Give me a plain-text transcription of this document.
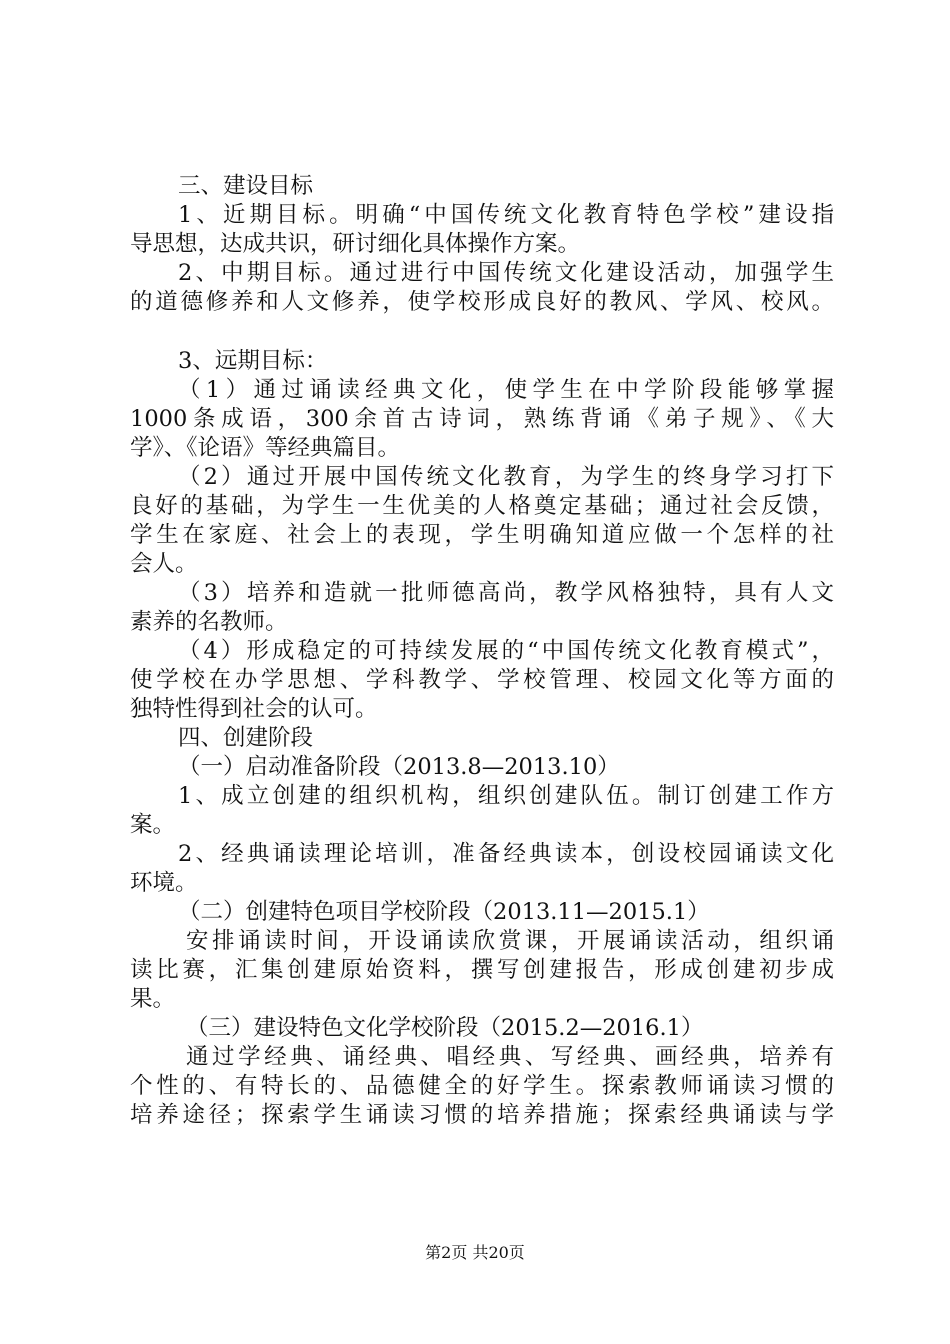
三、建设目标
1、近期目标。明确“中国传统文化教育特色学校”建设指
导思想，达成共识，研讨细化具体操作方案。
2、中期目标。通过进行中国传统文化建设活动，加强学生
的道德修养和人文修养，使学校形成良好的教风、学风、校风。
3、远期目标：
（1）通过诵读经典文化，使学生在中学阶段能够掌握
1000条成语，300余首古诗词，熟练背诵《弟子规》、《大
学》、《论语》等经典篇目。
（2）通过开展中国传统文化教育，为学生的终身学习打下
良好的基础，为学生一生优美的人格奠定基础；通过社会反馈，
学生在家庭、社会上的表现，学生明确知道应做一个怎样的社
会人。
（3）培养和造就一批师德高尚，教学风格独特，具有人文
素养的名教师。
（4）形成稳定的可持续发展的“中国传统文化教育模式”，
使学校在办学思想、学科教学、学校管理、校园文化等方面的
独特性得到社会的认可。
四、创建阶段
（一）启动准备阶段（2013.8—2013.10）
1、成立创建的组织机构，组织创建队伍。制订创建工作方
案。
2、经典诵读理论培训，准备经典读本，创设校园诵读文化
环境。
（二）创建特色项目学校阶段（2013.11—2015.1）
安排诵读时间，开设诵读欣赏课，开展诵读活动，组织诵
读比赛，汇集创建原始资料，撰写创建报告，形成创建初步成
果。
（三）建设特色文化学校阶段（2015.2—2016.1）
通过学经典、诵经典、唱经典、写经典、画经典，培养有
个性的、有特长的、品德健全的好学生。探索教师诵读习惯的
培养途径；探索学生诵读习惯的培养措施；探索经典诵读与学
第2页 共20页
